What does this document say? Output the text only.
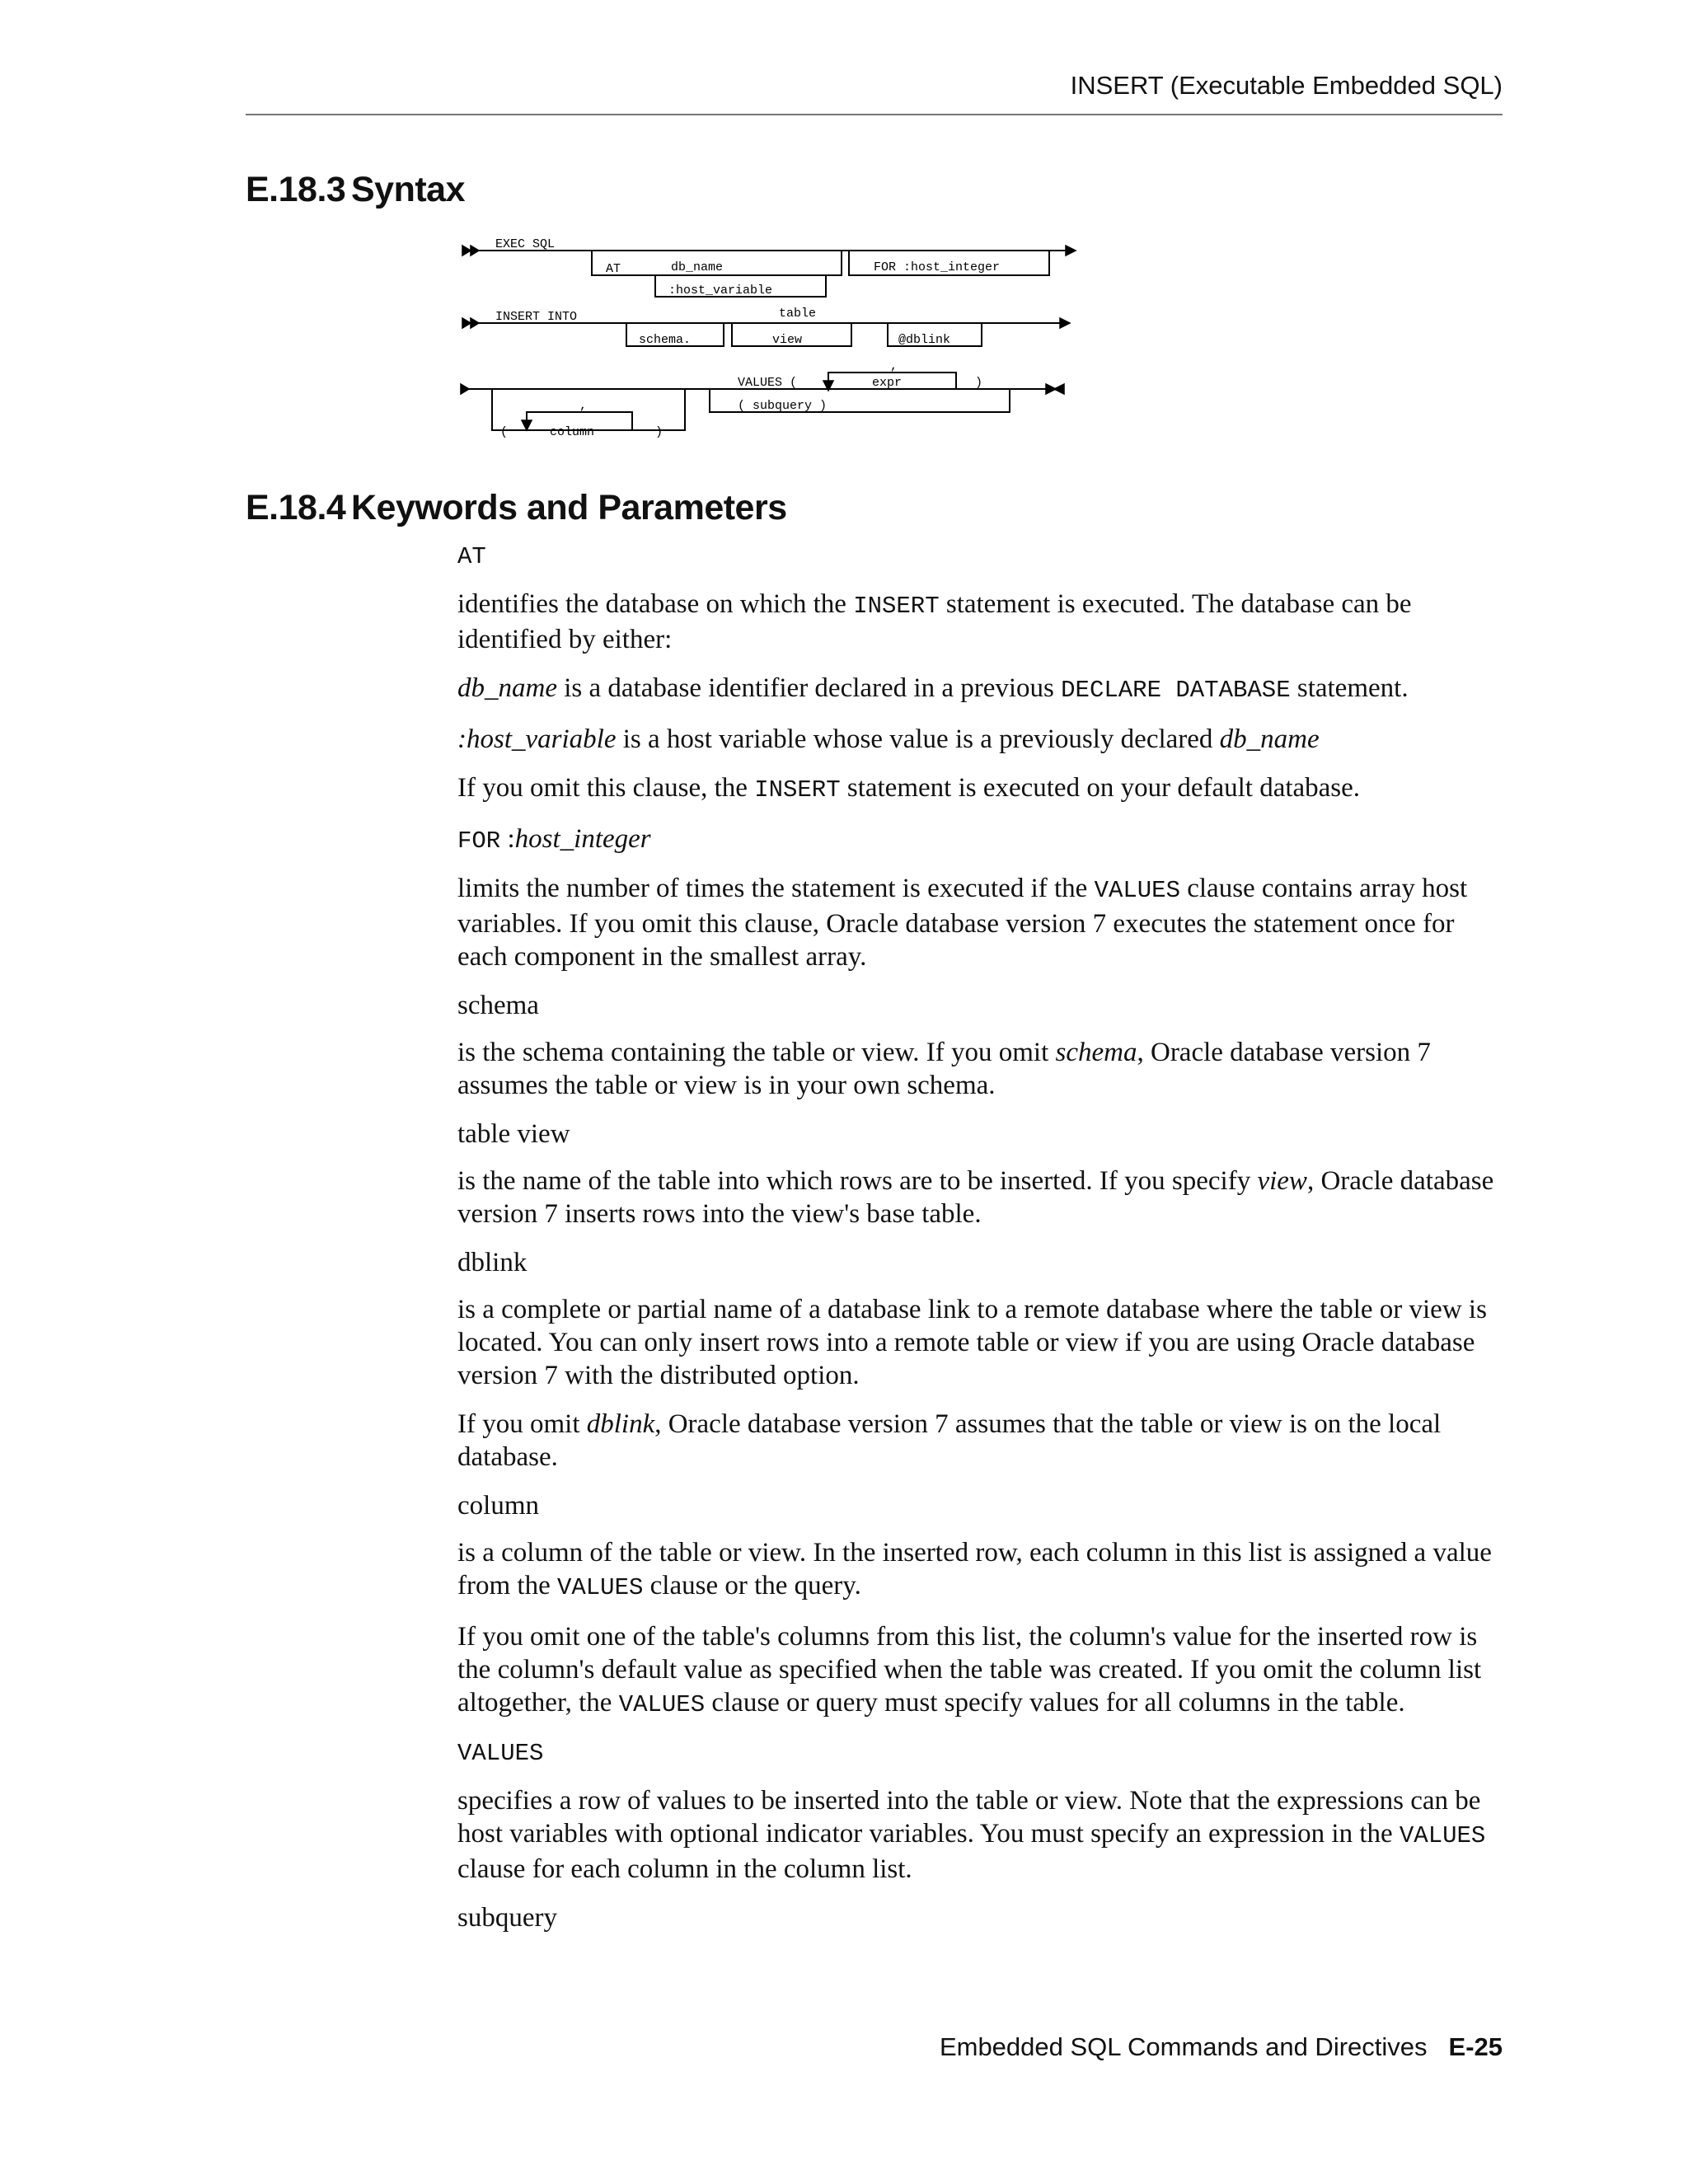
INSERT (Executable Embedded SQL)
E.18.3 Syntax
EXEC SQL
AT	db_name
:host_variable
FOR :host_integer
INSERT INTO	table
schema.	view	@dblink
VALUES (	expr	)
,
( subquery )
(	column
,
)
E.18.4 Keywords and Parameters

AT

identifies the database on which the INSERT statement is executed. The database can be identified by either:

db_name is a database identifier declared in a previous DECLARE DATABASE statement.

:host_variable is a host variable whose value is a previously declared db_name

If you omit this clause, the INSERT statement is executed on your default database.

FOR :host_integer

limits the number of times the statement is executed if the VALUES clause contains array host variables. If you omit this clause, Oracle database version 7 executes the statement once for each component in the smallest array.

schema

is the schema containing the table or view. If you omit schema, Oracle database version 7 assumes the table or view is in your own schema.

table view

is the name of the table into which rows are to be inserted. If you specify view, Oracle database version 7 inserts rows into the view's base table.

dblink

is a complete or partial name of a database link to a remote database where the table or view is located. You can only insert rows into a remote table or view if you are using Oracle database version 7 with the distributed option.

If you omit dblink, Oracle database version 7 assumes that the table or view is on the local database.

column

is a column of the table or view. In the inserted row, each column in this list is assigned a value from the VALUES clause or the query.

If you omit one of the table's columns from this list, the column's value for the inserted row is the column's default value as specified when the table was created. If you omit the column list altogether, the VALUES clause or query must specify values for all columns in the table.

VALUES

specifies a row of values to be inserted into the table or view. Note that the expressions can be host variables with optional indicator variables. You must specify an expression in the VALUES clause for each column in the column list.

subquery

Embedded SQL Commands and Directives E-25
